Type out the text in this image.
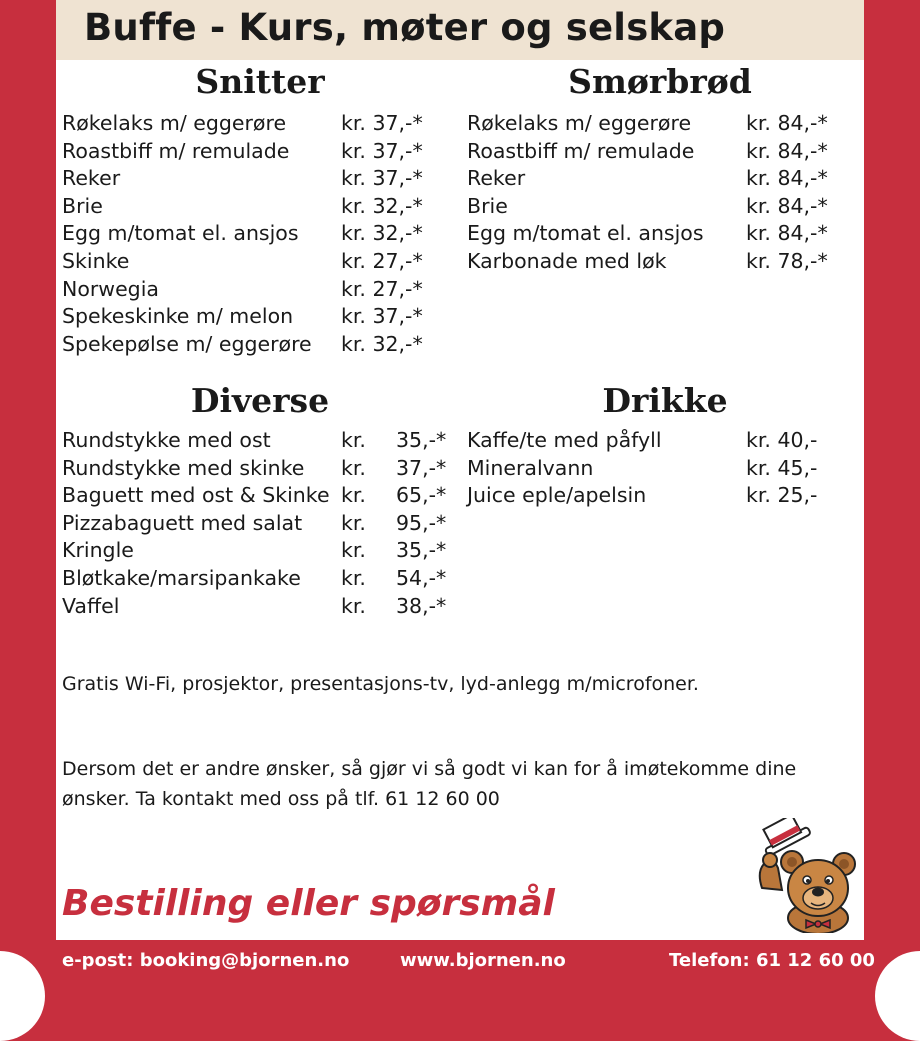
Buffe - Kurs, møter og selskap
Snitter
Røkelaks m/ eggerøre	kr. 37,-*
Roastbiff m/ remulade	kr. 37,-*
Reker	kr. 37,-*
Brie	kr. 32,-*
Egg m/tomat el. ansjos kr. 32,-*
Skinke	kr. 27,-*
Norwegia	kr. 27,-*
Spekeskinke m/ melon kr. 37,-*
Spekepølse m/ eggerøre kr. 32,-*
Smørbrød
Røkelaks m/ eggerøre	kr. 84,-*
Roastbiff m/ remulade	kr. 84,-*
Reker	kr. 84,-*
Brie	kr. 84,-*
Egg m/tomat el. ansjos kr. 84,-*
Karbonade med løk	kr. 78,-*
Diverse
Rundstykke med ost	kr. 35,-*
Rundstykke med skinke kr. 37,-*
Baguett med ost & Skinke kr. 65,-*
Pizzabaguett med salat kr. 95,-*
Kringle	kr. 35,-*
Bløtkake/marsipankake kr. 54,-*
Vaffel	kr. 38,-*
Drikke
Kaffe/te med påfyll	kr. 40,-
Mineralvann	kr. 45,-
Juice eple/apelsin	kr. 25,-

Gratis Wi-Fi, prosjektor, presentasjons-tv, lyd-anlegg m/microfoner.

Dersom det er andre ønsker, så gjør vi så godt vi kan for å imøtekomme dine ønsker. Ta kontakt med oss på tlf. 61 12 60 00

Bestilling eller spørsmål

e-post: booking@bjornen.no	www.bjornen.no	Telefon: 61 12 60 00
